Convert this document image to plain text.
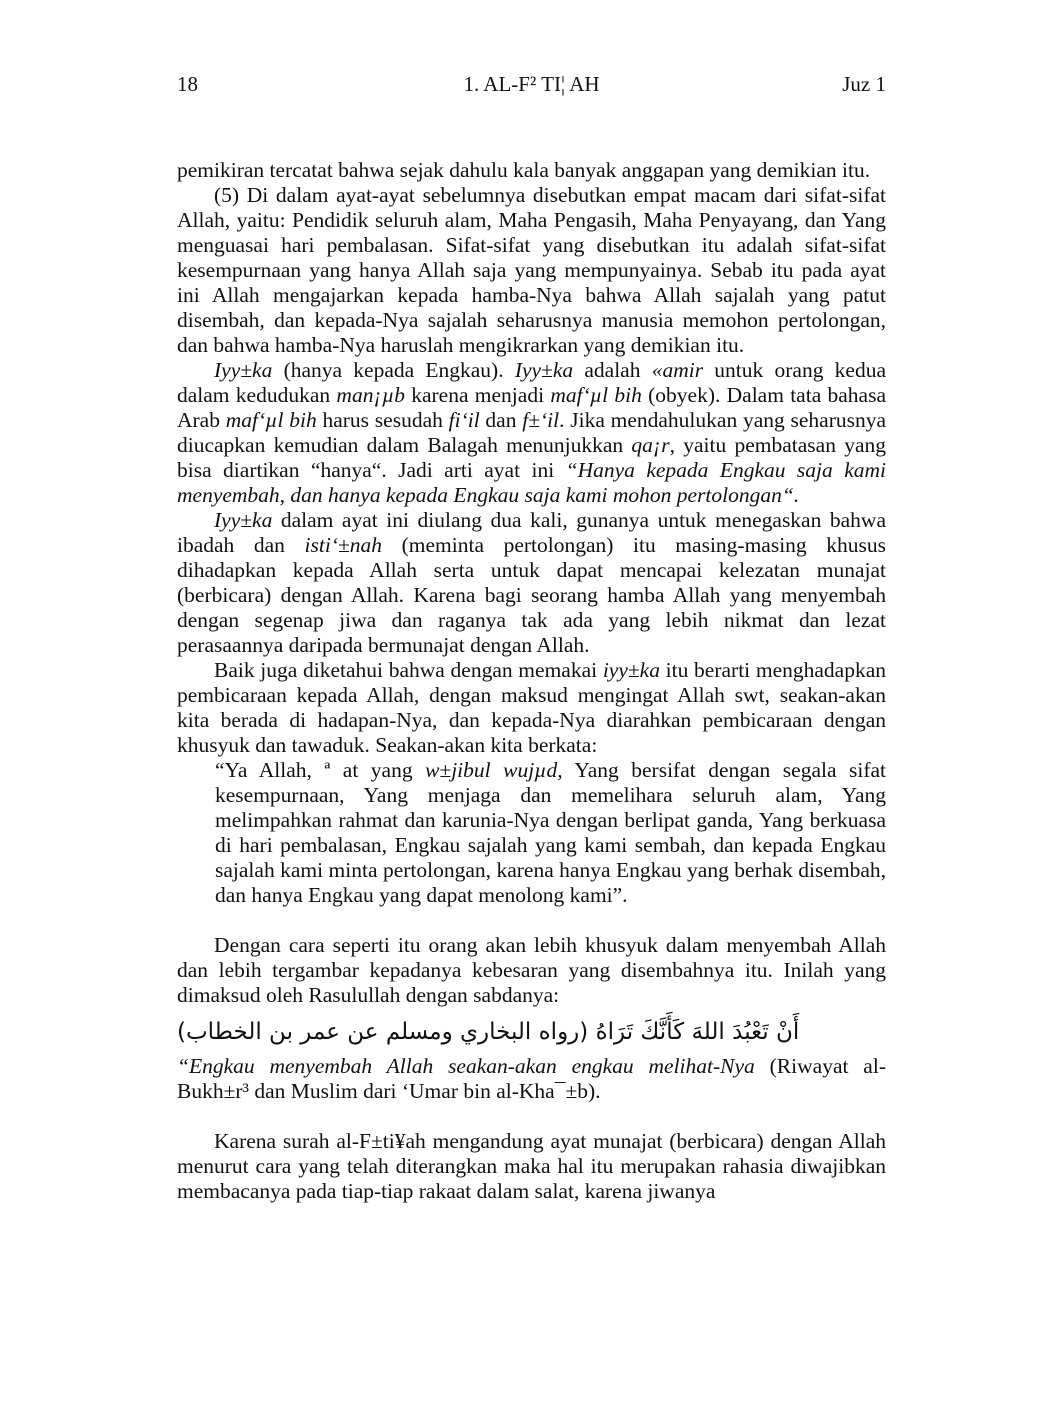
18	1. AL-F² TI¦ AH	Juz 1

pemikiran tercatat bahwa sejak dahulu kala banyak anggapan yang demikian itu.

(5) Di dalam ayat-ayat sebelumnya disebutkan empat macam dari sifat-sifat Allah, yaitu: Pendidik seluruh alam, Maha Pengasih, Maha Penyayang, dan Yang menguasai hari pembalasan. Sifat-sifat yang disebutkan itu adalah sifat-sifat kesempurnaan yang hanya Allah saja yang mempunyainya. Sebab itu pada ayat ini Allah mengajarkan kepada hamba-Nya bahwa Allah sajalah yang patut disembah, dan kepada-Nya sajalah seharusnya manusia memohon pertolongan, dan bahwa hamba-Nya haruslah mengikrarkan yang demikian itu.

Iyy±ka (hanya kepada Engkau). Iyy±ka adalah «amir untuk orang kedua dalam kedudukan man¡µb karena menjadi maf‘µl bih (obyek). Dalam tata bahasa Arab maf‘µl bih harus sesudah fi‘il dan f±‘il. Jika mendahulukan yang seharusnya diucapkan kemudian dalam Balagah menunjukkan qa¡r, yaitu pembatasan yang bisa diartikan “hanya“. Jadi arti ayat ini “Hanya kepada Engkau saja kami menyembah, dan hanya kepada Engkau saja kami mohon pertolongan“.

Iyy±ka dalam ayat ini diulang dua kali, gunanya untuk menegaskan bahwa ibadah dan isti‘±nah (meminta pertolongan) itu masing-masing khusus dihadapkan kepada Allah serta untuk dapat mencapai kelezatan munajat (berbicara) dengan Allah. Karena bagi seorang hamba Allah yang menyembah dengan segenap jiwa dan raganya tak ada yang lebih nikmat dan lezat perasaannya daripada bermunajat dengan Allah.

Baik juga diketahui bahwa dengan memakai iyy±ka itu berarti menghadapkan pembicaraan kepada Allah, dengan maksud mengingat Allah swt, seakan-akan kita berada di hadapan-Nya, dan kepada-Nya diarahkan pembicaraan dengan khusyuk dan tawaduk. Seakan-akan kita berkata:

“Ya Allah, ª at yang w±jibul wujµd, Yang bersifat dengan segala sifat kesempurnaan, Yang menjaga dan memelihara seluruh alam, Yang melimpahkan rahmat dan karunia-Nya dengan berlipat ganda, Yang berkuasa di hari pembalasan, Engkau sajalah yang kami sembah, dan kepada Engkau sajalah kami minta pertolongan, karena hanya Engkau yang berhak disembah, dan hanya Engkau yang dapat menolong kami”.

Dengan cara seperti itu orang akan lebih khusyuk dalam menyembah Allah dan lebih tergambar kepadanya kebesaran yang disembahnya itu. Inilah yang dimaksud oleh Rasulullah dengan sabdanya:

أَنْ تَعْبُدَ اللهَ كَأَنَّكَ تَرَاهُ (رواه البخاري ومسلم عن عمر بن الخطاب)

“Engkau menyembah Allah seakan-akan engkau melihat-Nya (Riwayat al-Bukh±r³ dan Muslim dari ‘Umar bin al-Kha¯±b).

Karena surah al-F±ti¥ah mengandung ayat munajat (berbicara) dengan Allah menurut cara yang telah diterangkan maka hal itu merupakan rahasia diwajibkan membacanya pada tiap-tiap rakaat dalam salat, karena jiwanya
